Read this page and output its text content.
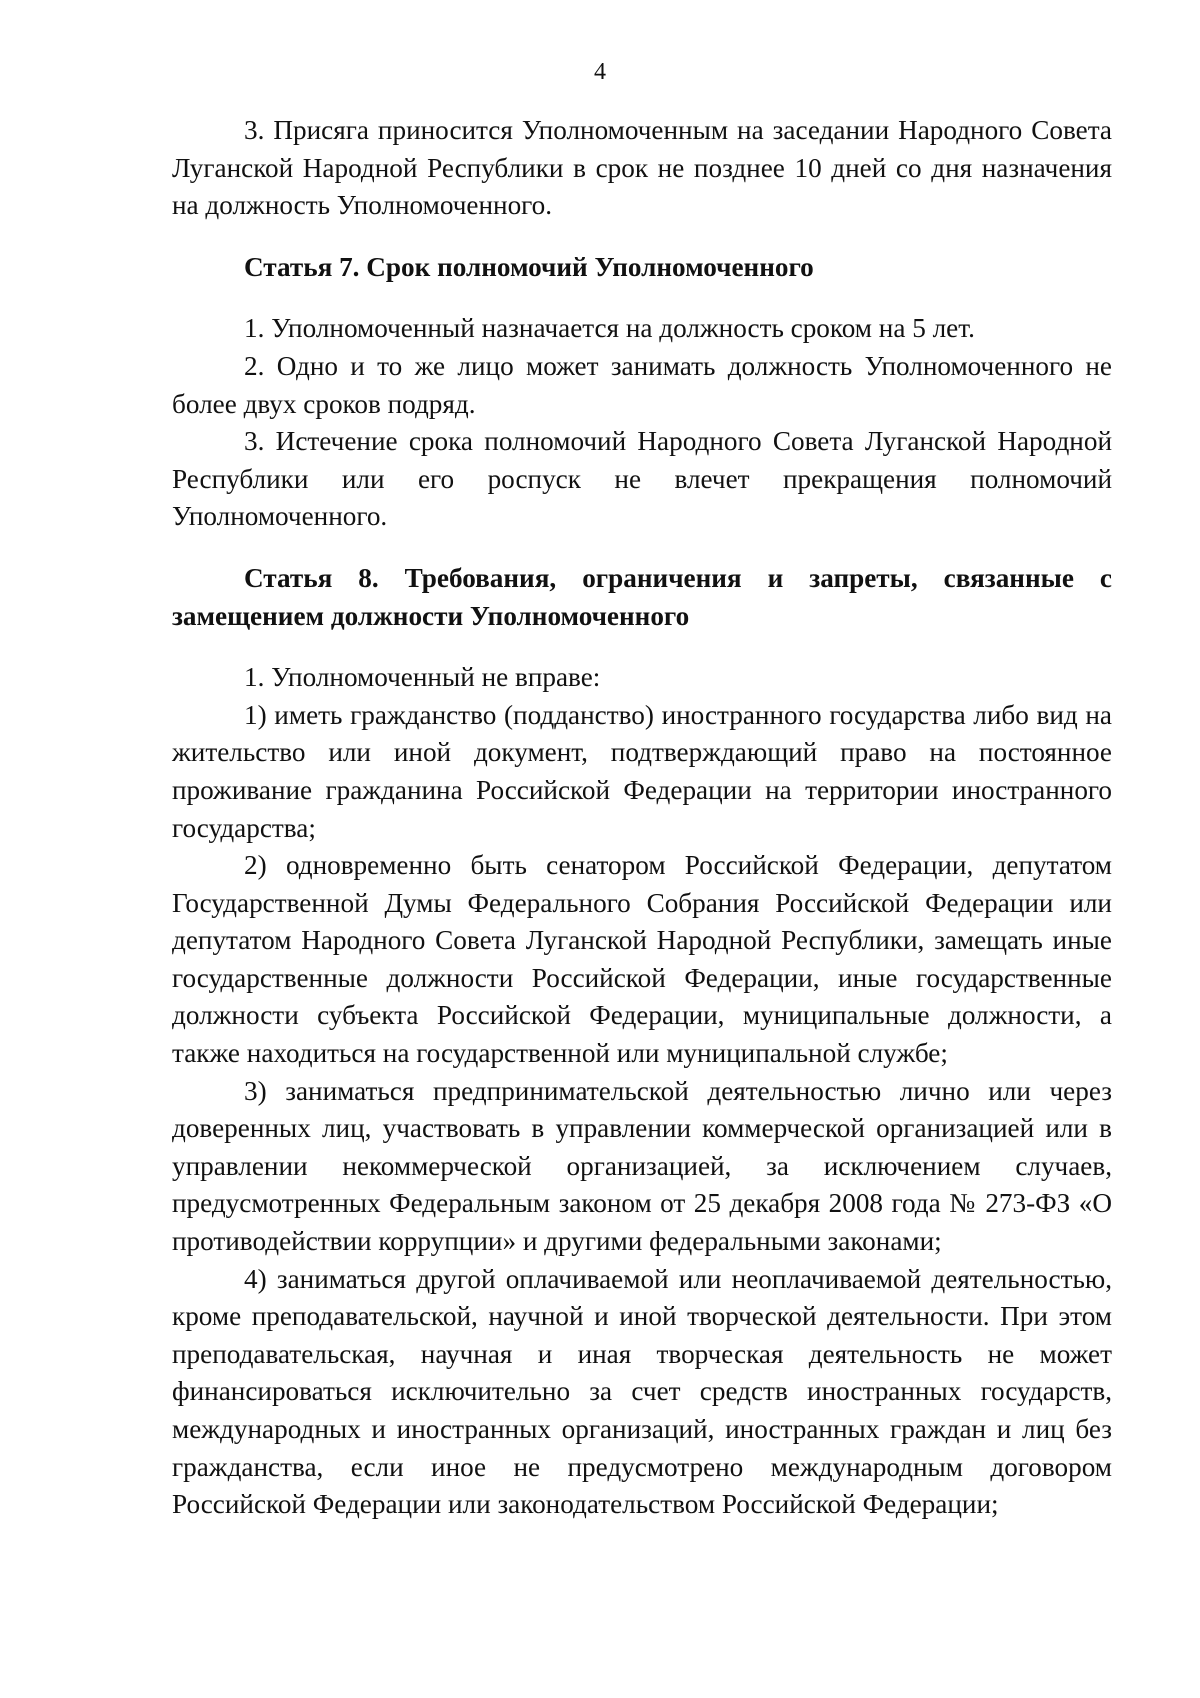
4

3. Присяга приносится Уполномоченным на заседании Народного Совета Луганской Народной Республики в срок не позднее 10 дней со дня назначения на должность Уполномоченного.

Статья 7. Срок полномочий Уполномоченного

1. Уполномоченный назначается на должность сроком на 5 лет.

2. Одно и то же лицо может занимать должность Уполномоченного не более двух сроков подряд.

3. Истечение срока полномочий Народного Совета Луганской Народной Республики или его роспуск не влечет прекращения полномочий Уполномоченного.

Статья 8. Требования, ограничения и запреты, связанные с замещением должности Уполномоченного

1. Уполномоченный не вправе:

1) иметь гражданство (подданство) иностранного государства либо вид на жительство или иной документ, подтверждающий право на постоянное проживание гражданина Российской Федерации на территории иностранного государства;

2) одновременно быть сенатором Российской Федерации, депутатом Государственной Думы Федерального Собрания Российской Федерации или депутатом Народного Совета Луганской Народной Республики, замещать иные государственные должности Российской Федерации, иные государственные должности субъекта Российской Федерации, муниципальные должности, а также находиться на государственной или муниципальной службе;

3) заниматься предпринимательской деятельностью лично или через доверенных лиц, участвовать в управлении коммерческой организацией или в управлении некоммерческой организацией, за исключением случаев, предусмотренных Федеральным законом от 25 декабря 2008 года № 273-ФЗ «О противодействии коррупции» и другими федеральными законами;

4) заниматься другой оплачиваемой или неоплачиваемой деятельностью, кроме преподавательской, научной и иной творческой деятельности. При этом преподавательская, научная и иная творческая деятельность не может финансироваться исключительно за счет средств иностранных государств, международных и иностранных организаций, иностранных граждан и лиц без гражданства, если иное не предусмотрено международным договором Российской Федерации или законодательством Российской Федерации;
